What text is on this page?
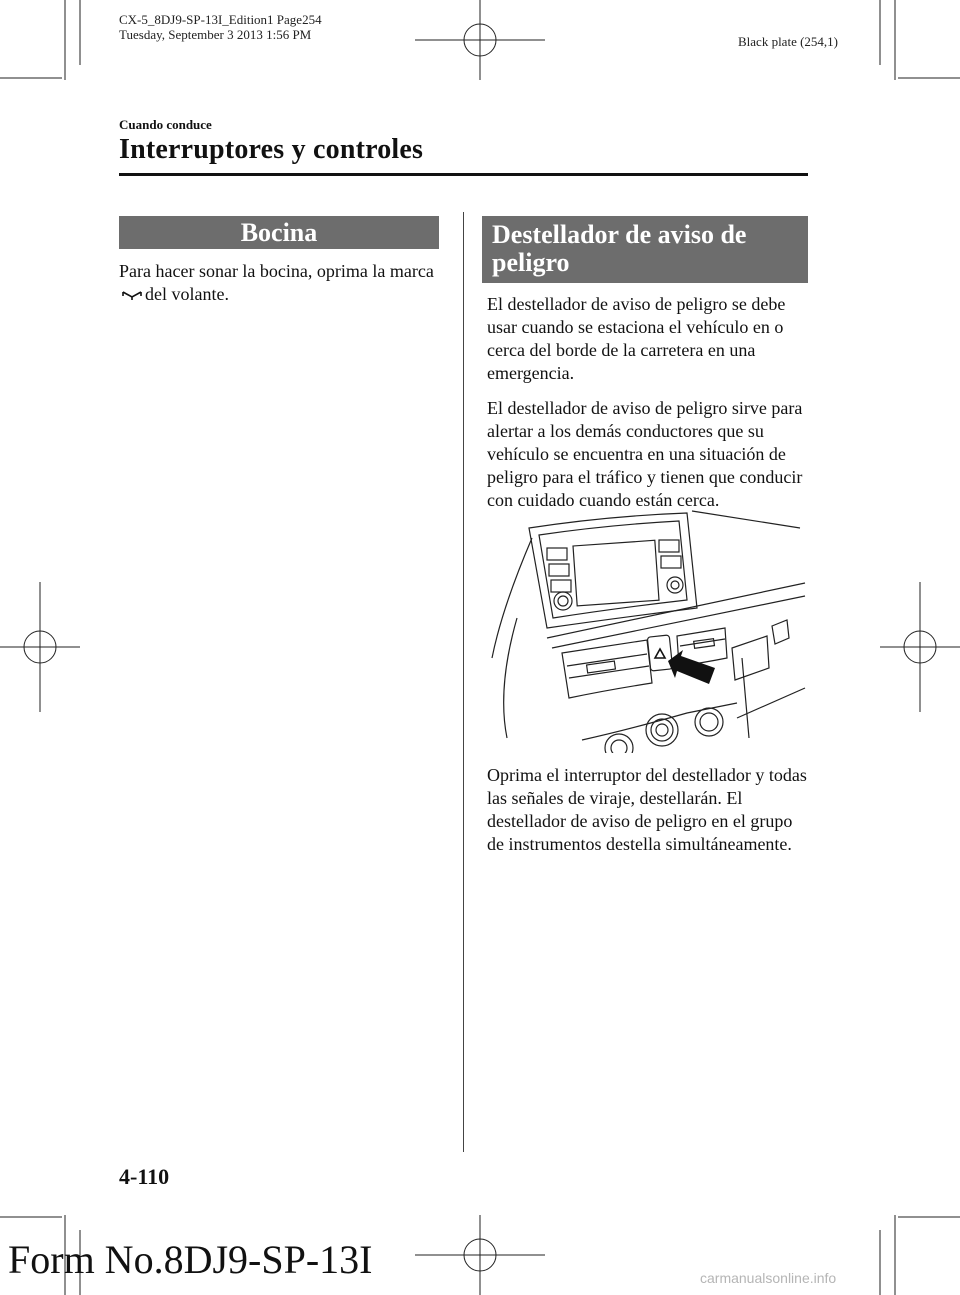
CX-5_8DJ9-SP-13I_Edition1 Page254
Tuesday, September 3 2013 1:56 PM	Black plate (254,1)
Cuando conduce
Interruptores y controles
Bocina
Para hacer sonar la bocina, oprima la marcadel volante.
Destellador de aviso de peligro
El destellador de aviso de peligro se debe usar cuando se estaciona el vehículo en o cerca del borde de la carretera en una emergencia.
El destellador de aviso de peligro sirve para alertar a los demás conductores que su vehículo se encuentra en una situación de peligro para el tráfico y tienen que conducir con cuidado cuando están cerca.
Oprima el interruptor del destellador y todas las señales de viraje, destellarán. El destellador de aviso de peligro en el grupo de instrumentos destella simultáneamente.
4-110
Form No.8DJ9-SP-13I	carmanualsonline.info
